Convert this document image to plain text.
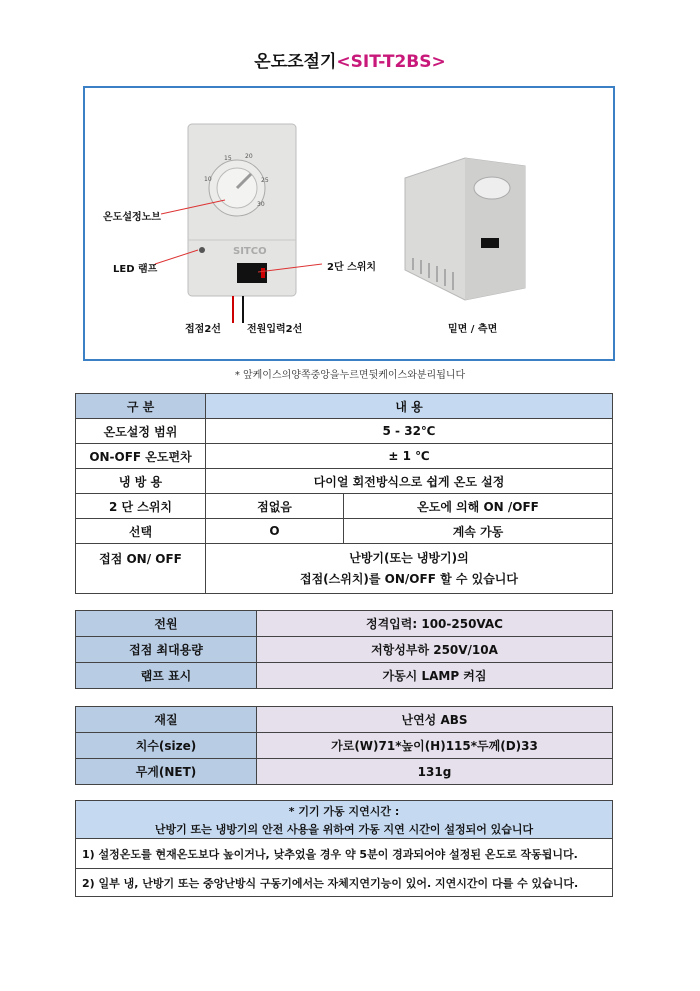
온도조절기<SIT-T2BS>
15 20
25
30
10
SITCO
온도설정노브
LED 램프	2단 스위치
접점2선	전원입력2선	밑면 / 측면
* 앞케이스의양쪽중앙을누르면뒷케이스와분리됩니다
구 분	내 용	
온도설정 범위	5 - 32℃	
ON-OFF 온도편차	± 1 ℃	
냉 방 용	다이얼 회전방식으로 쉽게 온도 설정	
2 단 스위치	점없음	온도에 의해 ON /OFF
선택	O	계속 가동
접점 ON/ OFF	난방기(또는 냉방기)의
접점(스위치)를 ON/OFF 할 수 있습니다	
전원	정격입력: 100-250VAC
접점 최대용량	저항성부하 250V/10A
램프 표시	가동시 LAMP 켜짐
재질	난연성 ABS
치수(size)	가로(W)71*높이(H)115*두께(D)33
무게(NET)	131g
* 기기 가동 지연시간 :
난방기 또는 냉방기의 안전 사용을 위하여 가동 지연 시간이 설정되어 있습니다
1) 설정온도를 현재온도보다 높이거나, 낮추었을 경우 약 5분이 경과되어야 설정된 온도로 작동됩니다.
2) 일부 냉, 난방기 또는 중앙난방식 구동기에서는 자체지연기능이 있어. 지연시간이 다를 수 있습니다.
